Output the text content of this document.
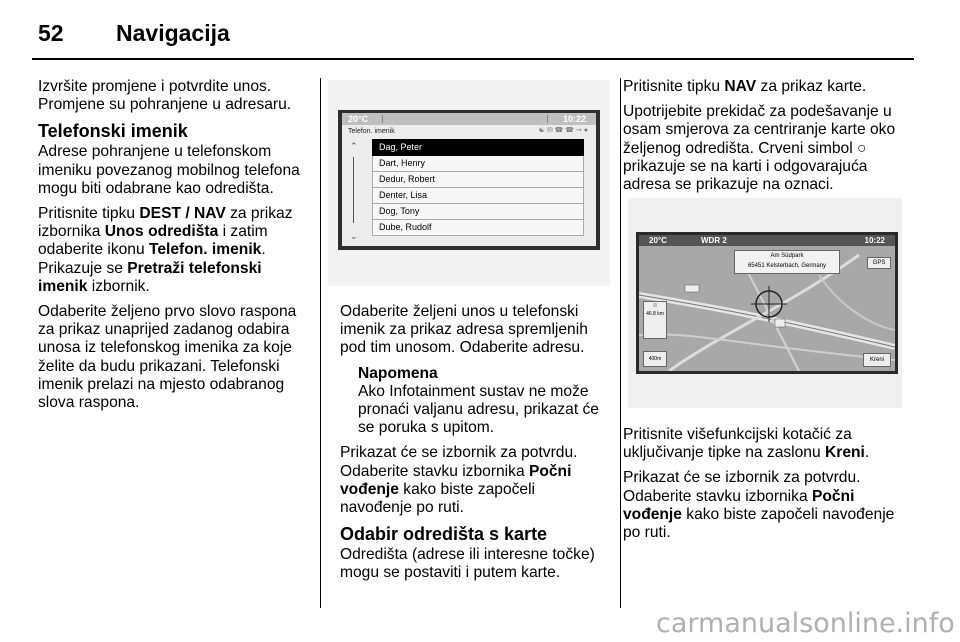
52 Navigacija

Izvršite promjene i potvrdite unos. Promjene su pohranjene u adresaru.

Telefonski imenik

Adrese pohranjene u telefonskom imeniku povezanog mobilnog telefona mogu biti odabrane kao odredišta.

Pritisnite tipku DEST / NAV za prikaz izbornika Unos odredišta i zatim odaberite ikonu Telefon. imenik. Prikazuje se Pretraži telefonski imenik izbornik.

Odaberite željeno prvo slovo raspona za prikaz unaprijed zadanog odabira unosa iz telefonskog imenika za koje želite da budu prikazani. Telefonski imenik prelazi na mjesto odabranog slova raspona.

20°C	10:22
Telefon. imenik	☯ ✉ ☎ ☎ ➞ ●
⌃
⌄
Dag, Peter
Dart, Henry
Dedur, Robert
Denter, Lisa
Dog, Tony
Dube, Rudolf

Odaberite željeni unos u telefonski imenik za prikaz adresa spremljenih pod tim unosom. Odaberite adresu.

Napomena
Ako Infotainment sustav ne može pronaći valjanu adresu, prikazat će se poruka s upitom.

Prikazat će se izbornik za potvrdu. Odaberite stavku izbornika Počni vođenje kako biste započeli navođenje po ruti.

Odabir odredišta s karte

Odredišta (adrese ili interesne točke) mogu se postaviti i putem karte.

Pritisnite tipku NAV za prikaz karte.

Upotrijebite prekidač za podešavanje u osam smjerova za centriranje karte oko željenog odredišta. Crveni simbol ○ prikazuje se na karti i odgovarajuća adresa se prikazuje na oznaci.

20°C	WDR 2	10:22
Am Südpark
65451 Kelsterbach, Germany	GPS
☉
46.8 km
400m	Kreni

Pritisnite višefunkcijski kotačić za uključivanje tipke na zaslonu Kreni.

Prikazat će se izbornik za potvrdu. Odaberite stavku izbornika Počni vođenje kako biste započeli navođenje po ruti.

carmanualsonline.info
